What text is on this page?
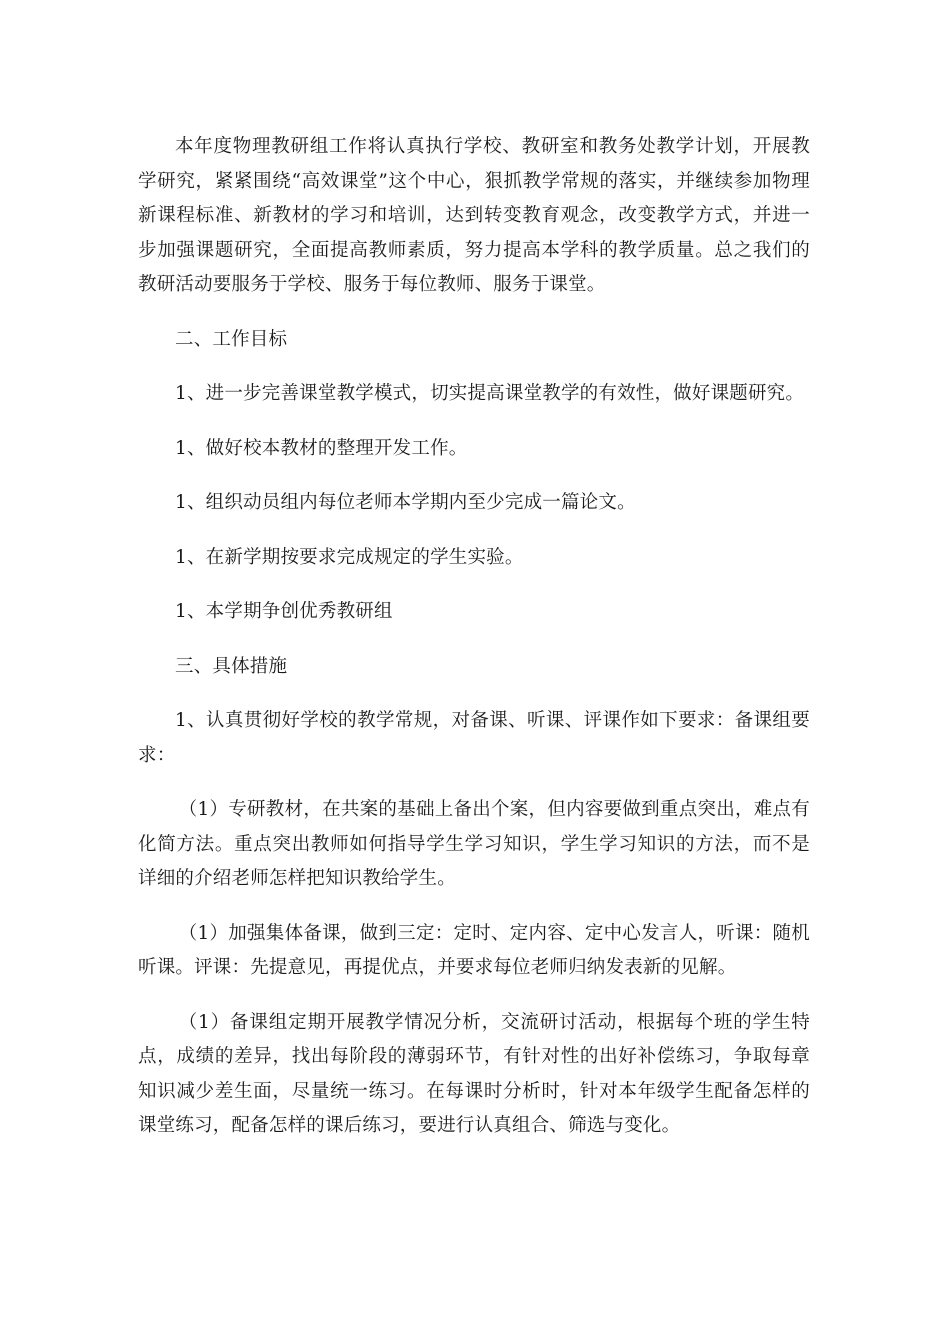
本年度物理教研组工作将认真执行学校、教研室和教务处教学计划，开展教学研究，紧紧围绕“高效课堂”这个中心，狠抓教学常规的落实，并继续参加物理新课程标准、新教材的学习和培训，达到转变教育观念，改变教学方式，并进一步加强课题研究，全面提高教师素质，努力提高本学科的教学质量。总之我们的教研活动要服务于学校、服务于每位教师、服务于课堂。

二、工作目标

1、进一步完善课堂教学模式，切实提高课堂教学的有效性，做好课题研究。

1、做好校本教材的整理开发工作。

1、组织动员组内每位老师本学期内至少完成一篇论文。

1、在新学期按要求完成规定的学生实验。

1、本学期争创优秀教研组

三、具体措施

1、认真贯彻好学校的教学常规，对备课、听课、评课作如下要求：备课组要求：

（1）专研教材，在共案的基础上备出个案，但内容要做到重点突出，难点有化简方法。重点突出教师如何指导学生学习知识，学生学习知识的方法，而不是详细的介绍老师怎样把知识教给学生。

（1）加强集体备课，做到三定：定时、定内容、定中心发言人，听课：随机听课。评课：先提意见，再提优点，并要求每位老师归纳发表新的见解。

（1）备课组定期开展教学情况分析，交流研讨活动，根据每个班的学生特点，成绩的差异，找出每阶段的薄弱环节，有针对性的出好补偿练习，争取每章知识减少差生面，尽量统一练习。在每课时分析时，针对本年级学生配备怎样的课堂练习，配备怎样的课后练习，要进行认真组合、筛选与变化。
